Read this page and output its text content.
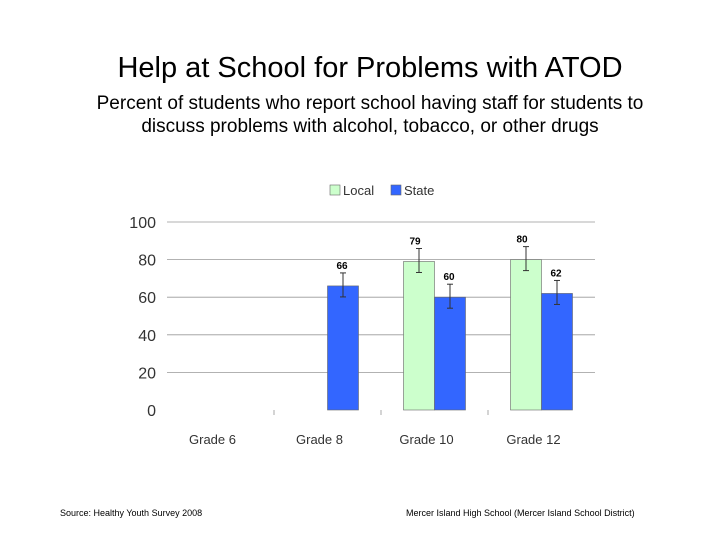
Help at School for Problems with ATOD
Percent of students who report school having staff for students to
discuss problems with alcohol, tobacco, or other drugs
0
20
40
60
80
100
Grade 6
66
Grade 8
79
60
Grade 10
80
62
Grade 12
Local State
Source: Healthy Youth Survey 2008	Mercer Island High School (Mercer Island School District)
